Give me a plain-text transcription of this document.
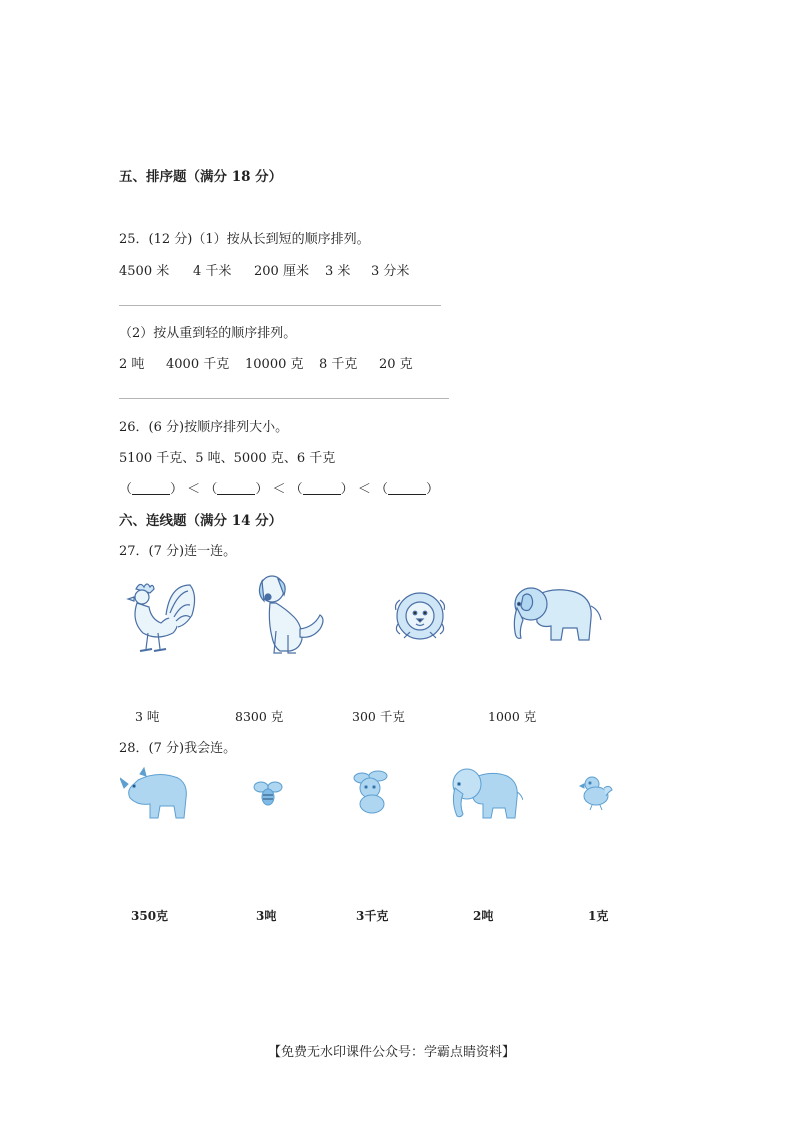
五、排序题（满分 18 分）
25．(12 分)（1）按从长到短的顺序排列。
4500 米 4 千米 200 厘米 3 米 3 分米
（2）按从重到轻的顺序排列。
2 吨 4000 千克 10000 克 8 千克 20 克
26．(6 分)按顺序排列大小。
5100 千克、5 吨、5000 克、6 千克
（	） ＜ （	） ＜ （	） ＜ （	）
六、连线题（满分 14 分）
27．(7 分)连一连。
3 吨	8300 克	300 千克	1000 克
28．(7 分)我会连。
350克	3吨	3千克	2吨	1克
【免费无水印课件公众号：学霸点睛资料】
